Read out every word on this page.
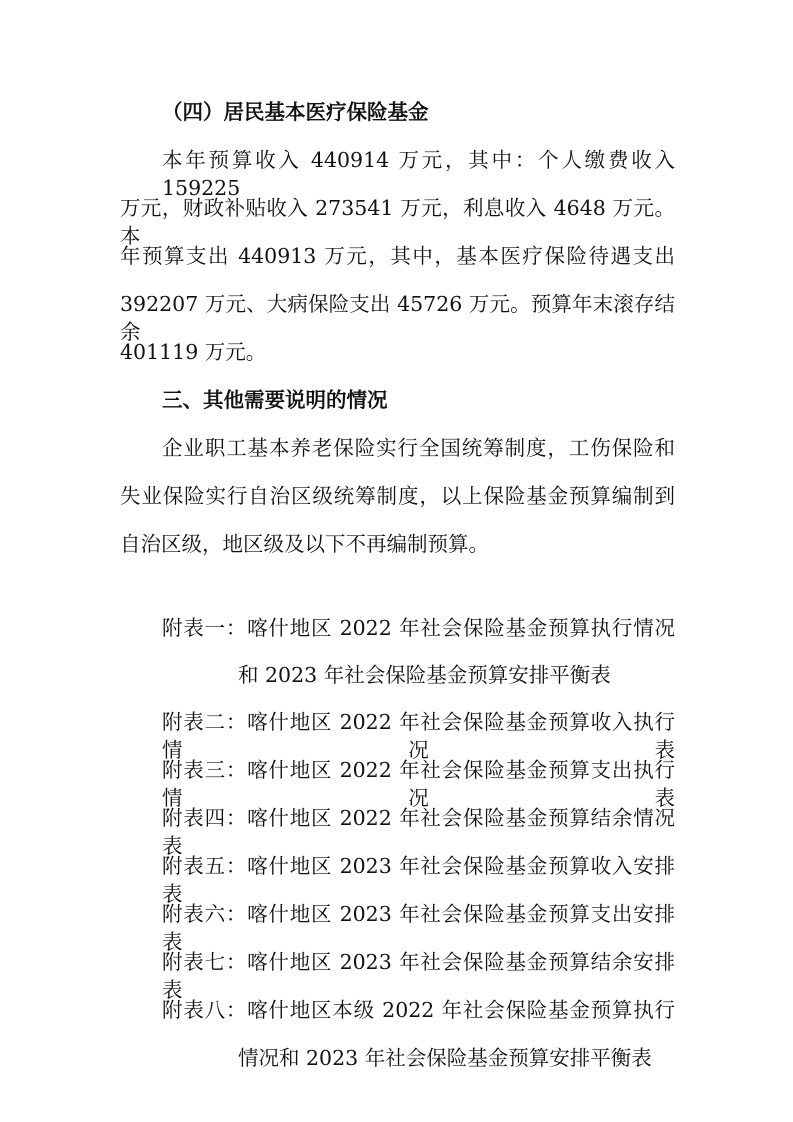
（四）居民基本医疗保险基金
本年预算收入 440914 万元，其中：个人缴费收入 159225
万元，财政补贴收入 273541 万元，利息收入 4648 万元。本
年预算支出 440913 万元，其中，基本医疗保险待遇支出
392207 万元、大病保险支出 45726 万元。预算年末滚存结余
401119 万元。
三、其他需要说明的情况
企业职工基本养老保险实行全国统筹制度，工伤保险和
失业保险实行自治区级统筹制度，以上保险基金预算编制到
自治区级，地区级及以下不再编制预算。
附表一：喀什地区 2022 年社会保险基金预算执行情况
和 2023 年社会保险基金预算安排平衡表
附表二：喀什地区 2022 年社会保险基金预算收入执行情况表
附表三：喀什地区 2022 年社会保险基金预算支出执行情况表
附表四：喀什地区 2022 年社会保险基金预算结余情况表
附表五：喀什地区 2023 年社会保险基金预算收入安排表
附表六：喀什地区 2023 年社会保险基金预算支出安排表
附表七：喀什地区 2023 年社会保险基金预算结余安排表
附表八：喀什地区本级 2022 年社会保险基金预算执行
情况和 2023 年社会保险基金预算安排平衡表
